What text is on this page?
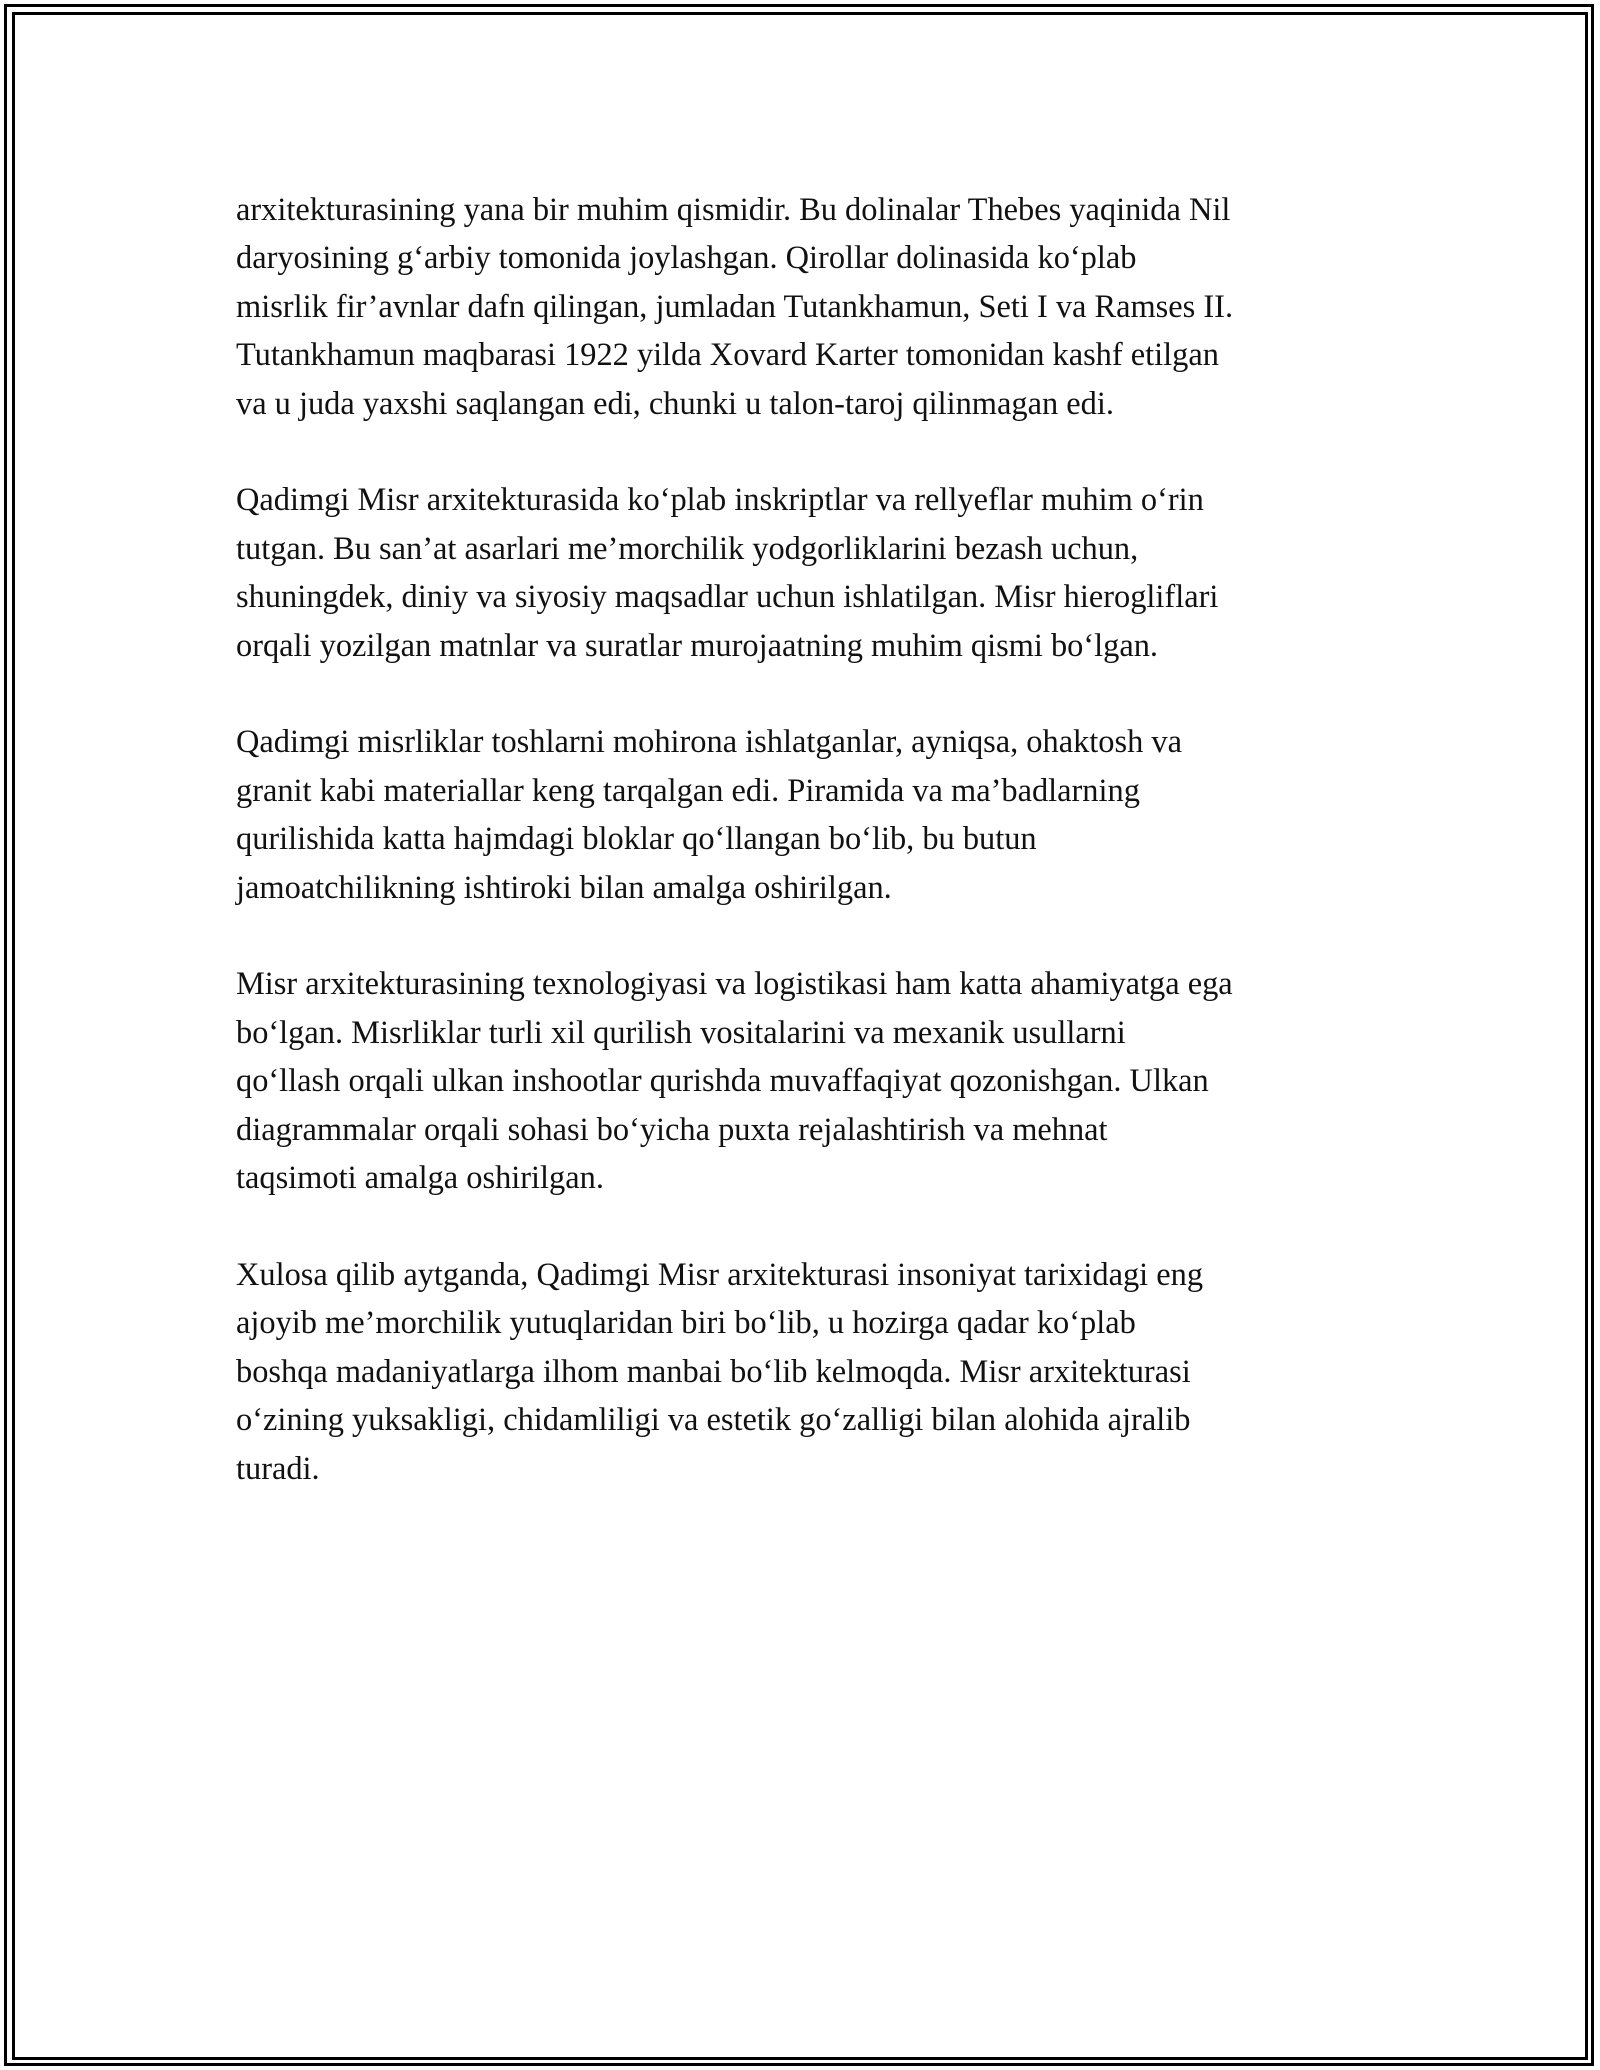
arxitekturasining yana bir muhim qismidir. Bu dolinalar Thebes yaqinida Nil
daryosining g‘arbiy tomonida joylashgan. Qirollar dolinasida ko‘plab
misrlik fir’avnlar dafn qilingan, jumladan Tutankhamun, Seti I va Ramses II.
Tutankhamun maqbarasi 1922 yilda Xovard Karter tomonidan kashf etilgan
va u juda yaxshi saqlangan edi, chunki u talon-taroj qilinmagan edi.

Qadimgi Misr arxitekturasida ko‘plab inskriptlar va rellyeflar muhim o‘rin
tutgan. Bu san’at asarlari me’morchilik yodgorliklarini bezash uchun,
shuningdek, diniy va siyosiy maqsadlar uchun ishlatilgan. Misr hierogliflari
orqali yozilgan matnlar va suratlar murojaatning muhim qismi bo‘lgan.

Qadimgi misrliklar toshlarni mohirona ishlatganlar, ayniqsa, ohaktosh va
granit kabi materiallar keng tarqalgan edi. Piramida va ma’badlarning
qurilishida katta hajmdagi bloklar qo‘llangan bo‘lib, bu butun
jamoatchilikning ishtiroki bilan amalga oshirilgan.

Misr arxitekturasining texnologiyasi va logistikasi ham katta ahamiyatga ega
bo‘lgan. Misrliklar turli xil qurilish vositalarini va mexanik usullarni
qo‘llash orqali ulkan inshootlar qurishda muvaffaqiyat qozonishgan. Ulkan
diagrammalar orqali sohasi bo‘yicha puxta rejalashtirish va mehnat
taqsimoti amalga oshirilgan.

Xulosa qilib aytganda, Qadimgi Misr arxitekturasi insoniyat tarixidagi eng
ajoyib me’morchilik yutuqlaridan biri bo‘lib, u hozirga qadar ko‘plab
boshqa madaniyatlarga ilhom manbai bo‘lib kelmoqda. Misr arxitekturasi
o‘zining yuksakligi, chidamliligi va estetik go‘zalligi bilan alohida ajralib
turadi.
